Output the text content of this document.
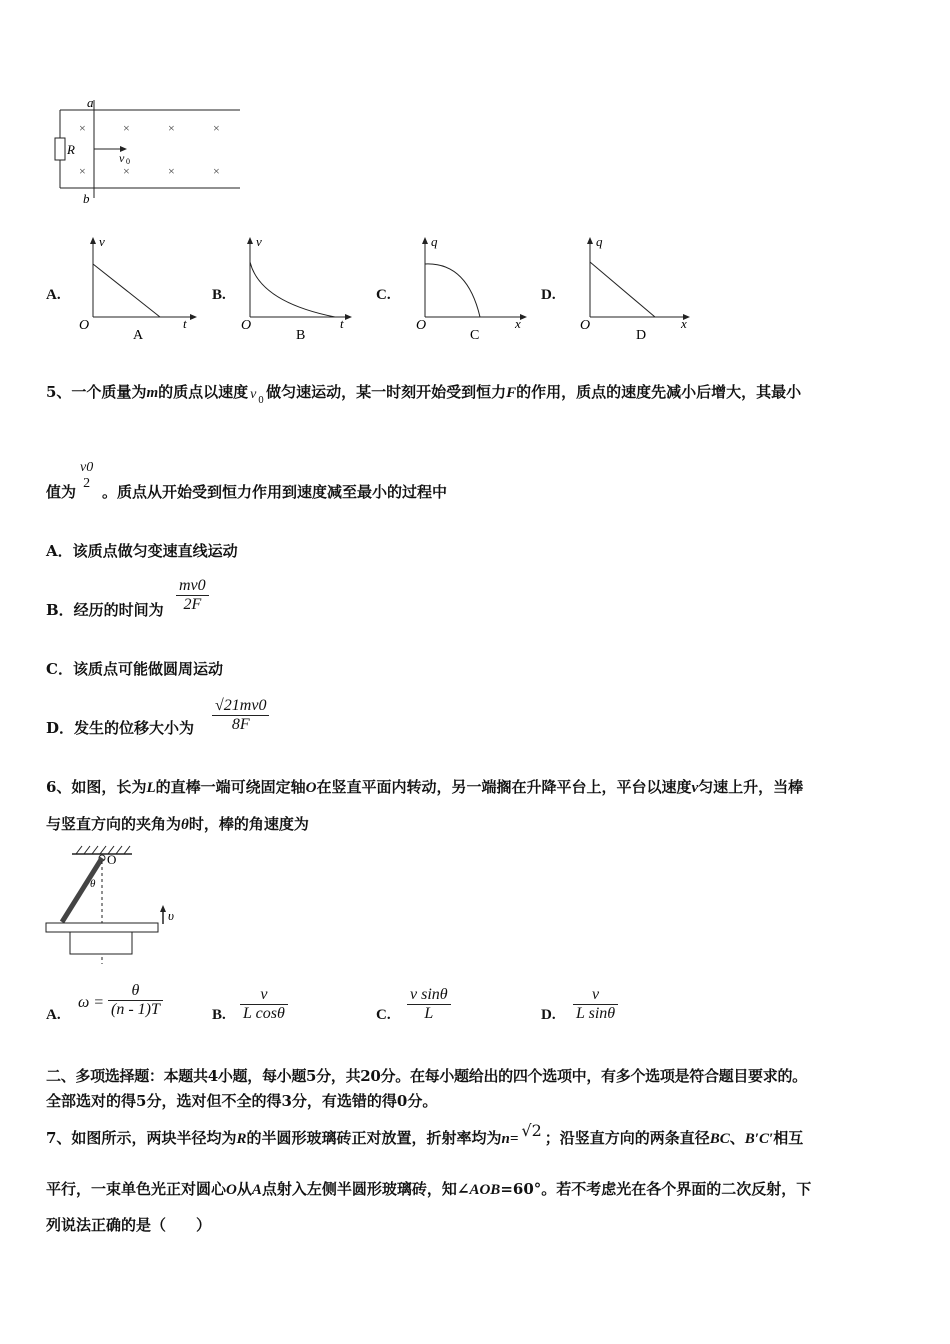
a
b
R
v 0
×	×	×	×
×	×	×	×
A.
v
t
O
A
B.
v
t
O
B
C.
q
x
O
C
D.
q
x
O
D
5、一个质量为m的质点以速度 v 0 做匀速运动，某一时刻开始受到恒力F的作用，质点的速度先减小后增大，其最小
值为 。质点从开始受到恒力作用到速度减至最小的过程中
v0
2
A．该质点做匀变速直线运动
B．经历的时间为
mv0
2F
C．该质点可能做圆周运动
D．发生的位移大小为
√21mv0
8F
6、如图，长为L的直棒一端可绕固定轴O在竖直平面内转动，另一端搁在升降平台上，平台以速度v匀速上升，当棒
与竖直方向的夹角为θ时，棒的角速度为
O
θ
υ
A.
ω =
θ
(n - 1)T	B.
v
L cosθ	C.
v sinθ
L	D.
v
L sinθ
二、多项选择题：本题共4小题，每小题5分，共20分。在每小题给出的四个选项中，有多个选项是符合题目要求的。
全部选对的得5分，选对但不全的得3分，有选错的得0分。
7、如图所示，两块半径均为R的半圆形玻璃砖正对放置，折射率均为n= √2 ；沿竖直方向的两条直径BC、B′C′相互
平行，一束单色光正对圆心O从A点射入左侧半圆形玻璃砖，知∠AOB=60°。若不考虑光在各个界面的二次反射，下
列说法正确的是（　　）
